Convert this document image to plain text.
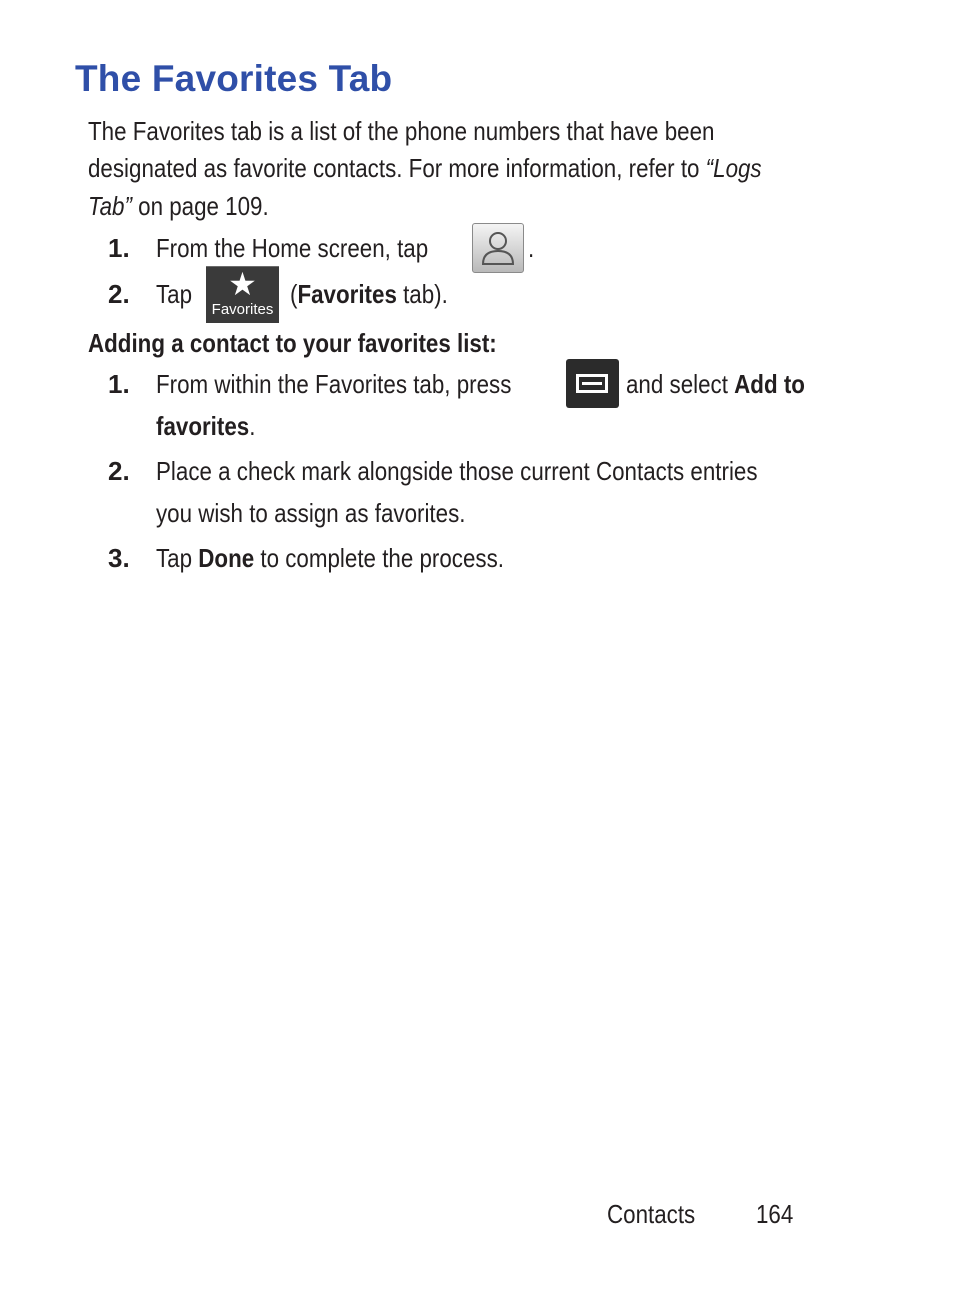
The Favorites Tab
The Favorites tab is a list of the phone numbers that have been
designated as favorite contacts. For more information, refer to “Logs
Tab” on page 109.
1. From the Home screen, tap	.
2. Tap	★
Favorites
(Favorites tab).
Adding a contact to your favorites list:
1. From within the Favorites tab, press	and select Add to
favorites.
2. Place a check mark alongside those current Contacts entries
you wish to assign as favorites.
3. Tap Done to complete the process.
Contacts 164
